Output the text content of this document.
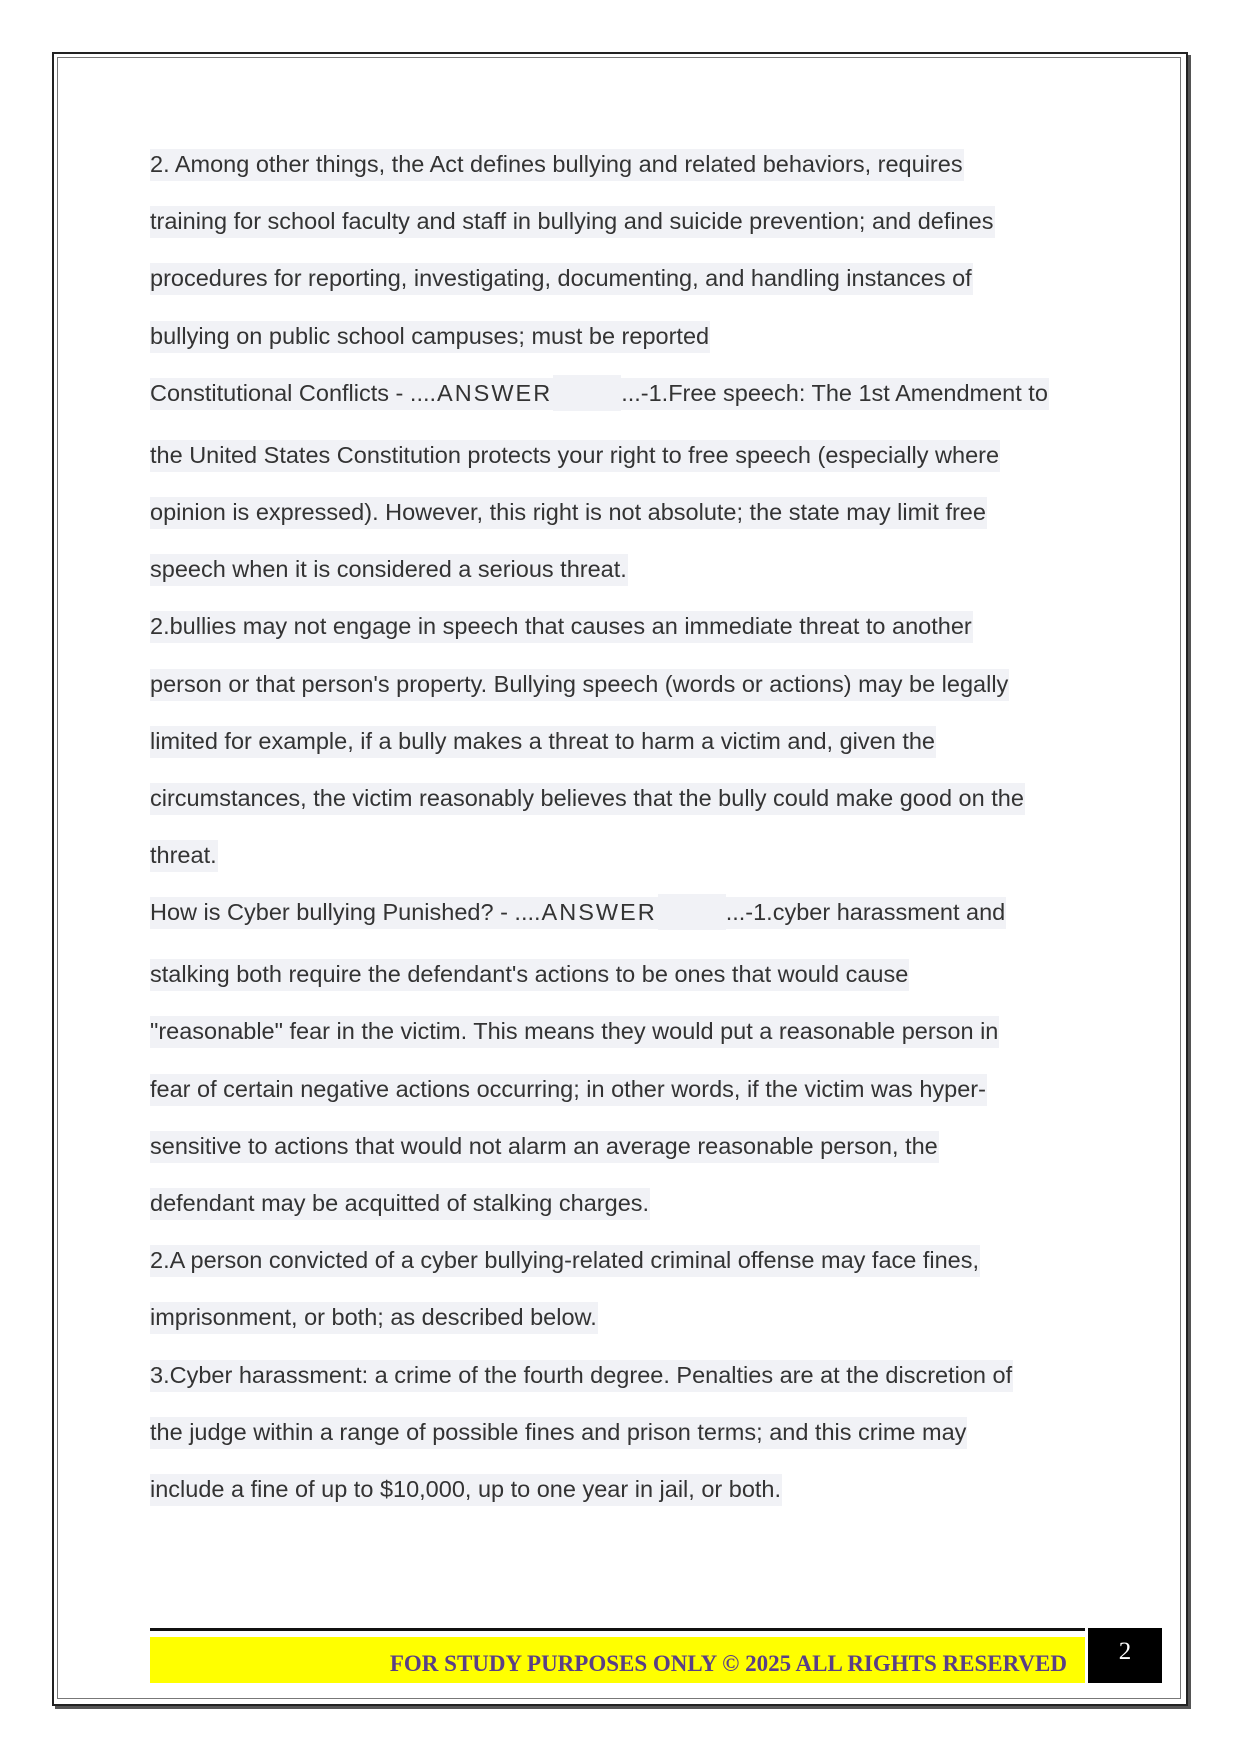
2. Among other things, the Act defines bullying and related behaviors, requires
training for school faculty and staff in bullying and suicide prevention; and defines
procedures for reporting, investigating, documenting, and handling instances of
bullying on public school campuses; must be reported
Constitutional Conflicts - ....ANSWER	...-1.Free speech: The 1st Amendment to
the United States Constitution protects your right to free speech (especially where
opinion is expressed). However, this right is not absolute; the state may limit free
speech when it is considered a serious threat.
2.bullies may not engage in speech that causes an immediate threat to another
person or that person's property. Bullying speech (words or actions) may be legally
limited for example, if a bully makes a threat to harm a victim and, given the
circumstances, the victim reasonably believes that the bully could make good on the
threat.
How is Cyber bullying Punished? - ....ANSWER	...-1.cyber harassment and
stalking both require the defendant's actions to be ones that would cause
"reasonable" fear in the victim. This means they would put a reasonable person in
fear of certain negative actions occurring; in other words, if the victim was hyper-
sensitive to actions that would not alarm an average reasonable person, the
defendant may be acquitted of stalking charges.
2.A person convicted of a cyber bullying-related criminal offense may face fines,
imprisonment, or both; as described below.
3.Cyber harassment: a crime of the fourth degree. Penalties are at the discretion of
the judge within a range of possible fines and prison terms; and this crime may
include a fine of up to $10,000, up to one year in jail, or both.
FOR STUDY PURPOSES ONLY © 2025 ALL RIGHTS RESERVED	2
